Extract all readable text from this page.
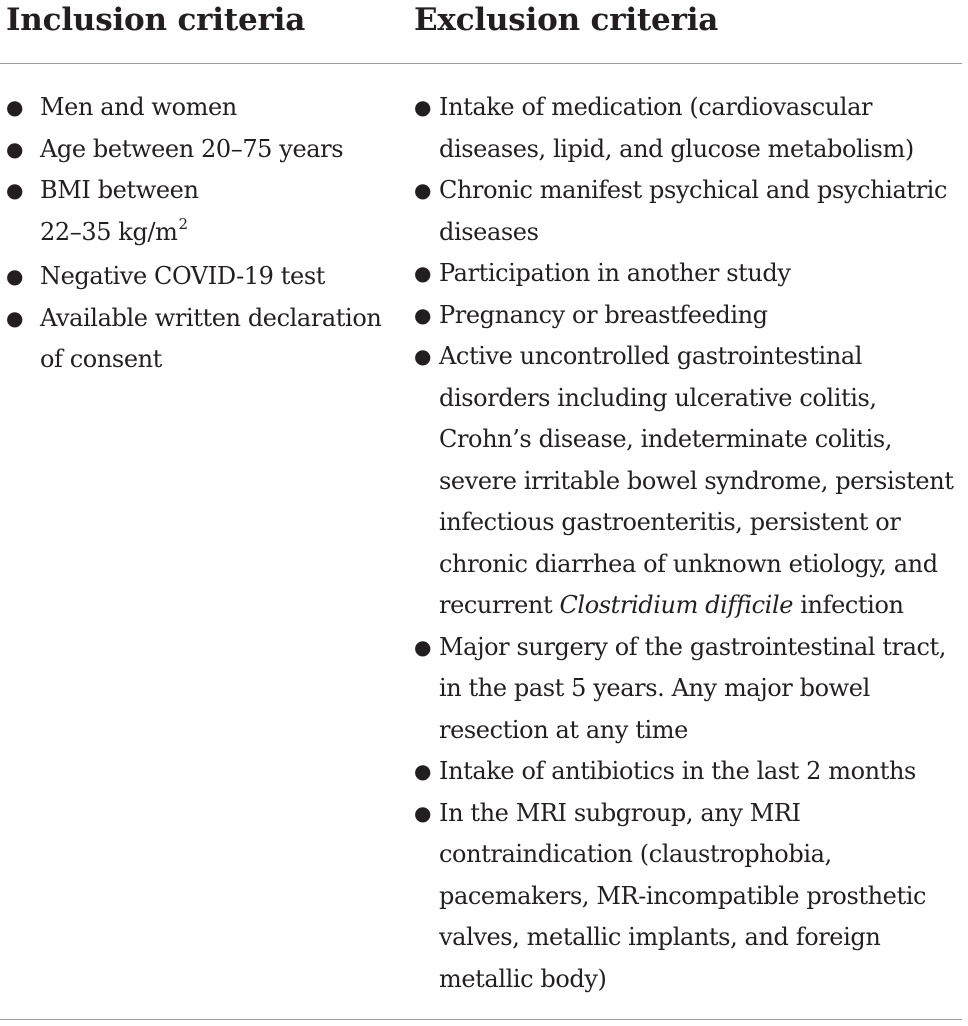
Inclusion criteria	Exclusion criteria
● Men and women
● Age between 20–75 years
● BMI between
22–35 $kg/m^2$
● Negative COVID-19 test
● Available written declaration of consent
● Intake of medication (cardiovascular diseases, lipid, and glucose metabolism)
● Chronic manifest psychical and psychiatric diseases
● Participation in another study
● Pregnancy or breastfeeding
● Active uncontrolled gastrointestinal disorders including ulcerative colitis, Crohn’s disease, indeterminate colitis, severe irritable bowel syndrome, persistent infectious gastroenteritis, persistent or chronic diarrhea of unknown etiology, and recurrent Clostridium difficile infection
● Major surgery of the gastrointestinal tract, in the past 5 years. Any major bowel resection at any time
● Intake of antibiotics in the last 2 months
● In the MRI subgroup, any MRI contraindication (claustrophobia, pacemakers, MR-incompatible prosthetic valves, metallic implants, and foreign metallic body)
